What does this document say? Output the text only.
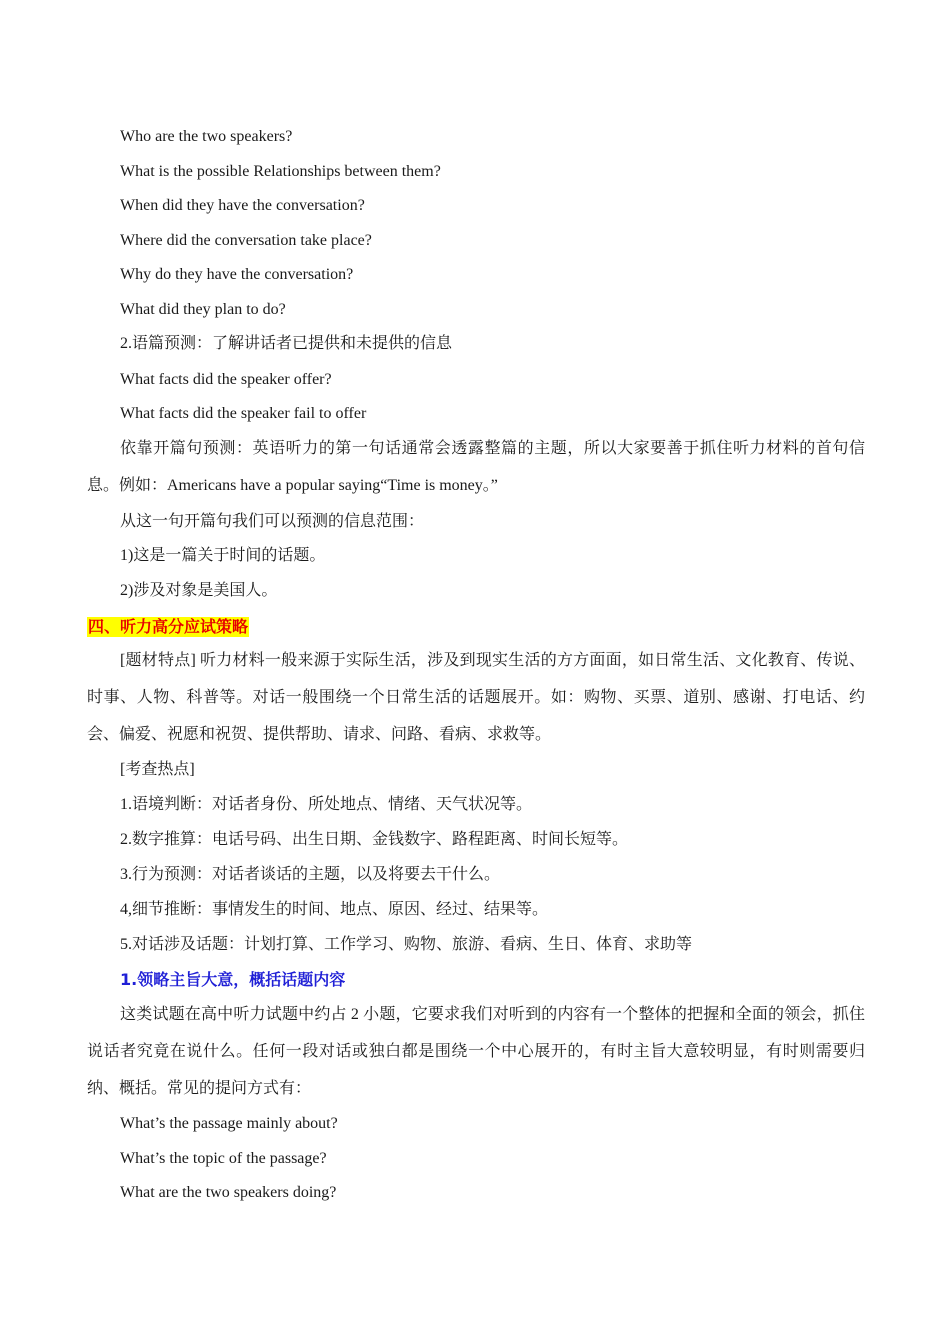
Who are the two speakers?
What is the possible Relationships between them?
When did they have the conversation?
Where did the conversation take place?
Why do they have the conversation?
What did they plan to do?
2.语篇预测：了解讲话者已提供和未提供的信息
What facts did the speaker offer?
What facts did the speaker fail to offer
依靠开篇句预测：英语听力的第一句话通常会透露整篇的主题，所以大家要善于抓住听力材料的首句信息。例如：Americans have a popular saying“Time is money。”
从这一句开篇句我们可以预测的信息范围：
1)这是一篇关于时间的话题。
2)涉及对象是美国人。
四、听力高分应试策略
[题材特点] 听力材料一般来源于实际生活，涉及到现实生活的方方面面，如日常生活、文化教育、传说、时事、人物、科普等。对话一般围绕一个日常生活的话题展开。如：购物、买票、道别、感谢、打电话、约会、偏爱、祝愿和祝贺、提供帮助、请求、问路、看病、求救等。
[考查热点]
1.语境判断：对话者身份、所处地点、情绪、天气状况等。
2.数字推算：电话号码、出生日期、金钱数字、路程距离、时间长短等。
3.行为预测：对话者谈话的主题，以及将要去干什么。
4,细节推断：事情发生的时间、地点、原因、经过、结果等。
5.对话涉及话题：计划打算、工作学习、购物、旅游、看病、生日、体育、求助等
1.领略主旨大意，概括话题内容
这类试题在高中听力试题中约占 2 小题，它要求我们对听到的内容有一个整体的把握和全面的领会，抓住说话者究竟在说什么。任何一段对话或独白都是围绕一个中心展开的，有时主旨大意较明显，有时则需要归纳、概括。常见的提问方式有：
What’s the passage mainly about?
What’s the topic of the passage?
What are the two speakers doing?
